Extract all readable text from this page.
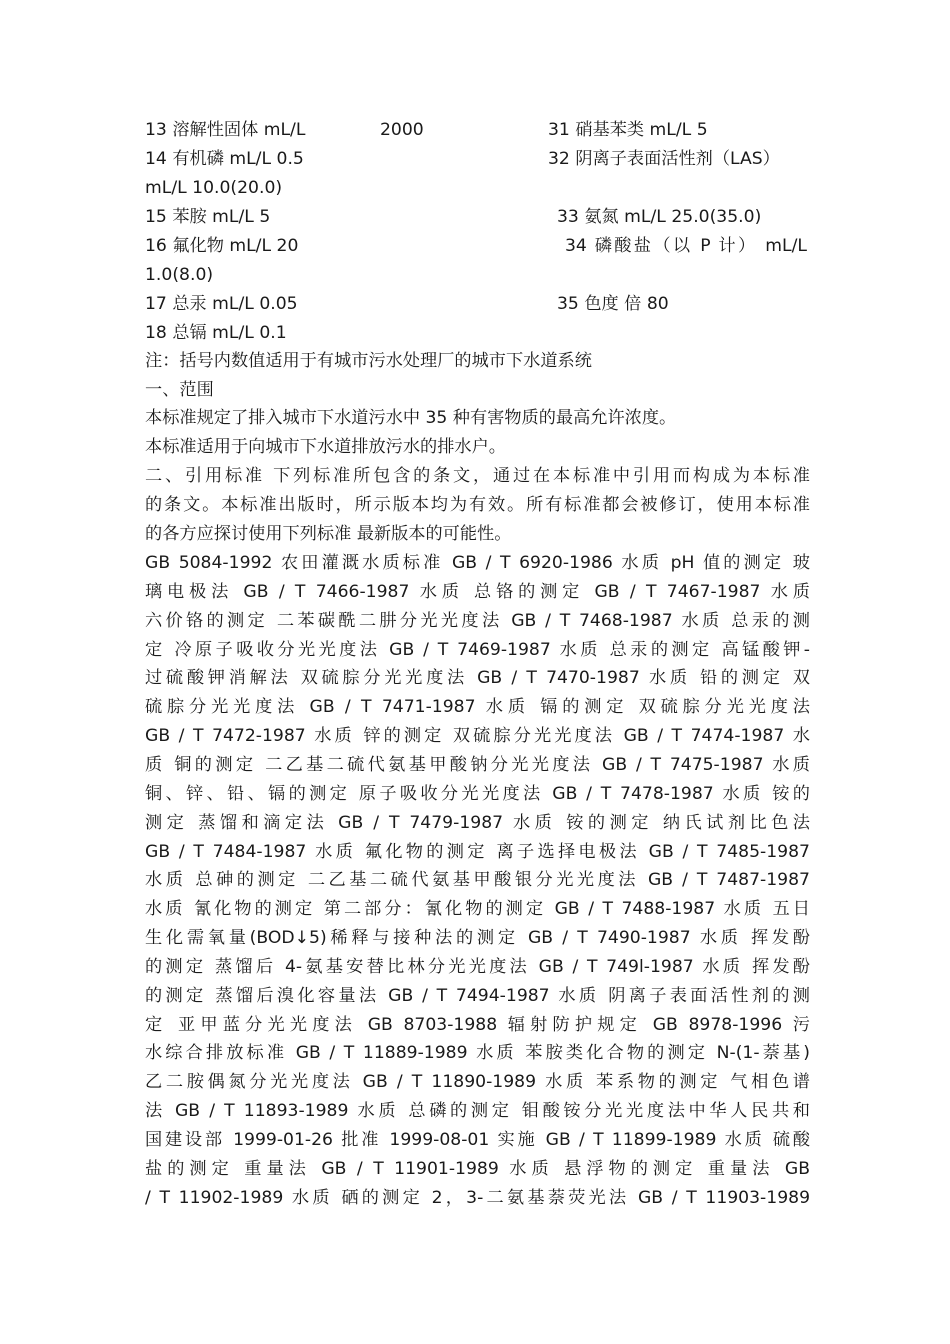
13 溶解性固体 mL/L	2000	31 硝基苯类 mL/L 5
14 有机磷 mL/L 0.5	32 阴离子表面活性剂（LAS）
mL/L 10.0(20.0)
15 苯胺 mL/L 5	33 氨氮 mL/L 25.0(35.0)
16 氟化物 mL/L 20	34 磷酸盐（以 P 计） mL/L
1.0(8.0)
17 总汞 mL/L 0.05	35 色度 倍 80
18 总镉 mL/L 0.1
注：括号内数值适用于有城市污水处理厂的城市下水道系统
一、范围
本标准规定了排入城市下水道污水中 35 种有害物质的最高允许浓度。
本标准适用于向城市下水道排放污水的排水户。
二、引用标准 下列标准所包含的条文，通过在本标准中引用而构成为本标准
的条文。本标准出版时，所示版本均为有效。所有标准都会被修订，使用本标准
的各方应探讨使用下列标准 最新版本的可能性。
GB 5084-1992 农田灌溉水质标准 GB / T 6920-1986 水质 pH 值的测定 玻
璃电极法 GB / T 7466-1987 水质 总铬的测定 GB / T 7467-1987 水质
六价铬的测定 二苯碳酰二肼分光光度法 GB / T 7468-1987 水质 总汞的测
定 冷原子吸收分光光度法 GB / T 7469-1987 水质 总汞的测定 高锰酸钾-
过硫酸钾消解法 双硫腙分光光度法 GB / T 7470-1987 水质 铅的测定 双
硫腙分光光度法 GB / T 7471-1987 水质 镉的测定 双硫腙分光光度法
GB / T 7472-1987 水质 锌的测定 双硫腙分光光度法 GB / T 7474-1987 水
质 铜的测定 二乙基二硫代氨基甲酸钠分光光度法 GB / T 7475-1987 水质
铜、锌、铅、镉的测定 原子吸收分光光度法 GB / T 7478-1987 水质 铵的
测定 蒸馏和滴定法 GB / T 7479-1987 水质 铵的测定 纳氏试剂比色法
GB / T 7484-1987 水质 氟化物的测定 离子选择电极法 GB / T 7485-1987
水质 总砷的测定 二乙基二硫代氨基甲酸银分光光度法 GB / T 7487-1987
水质 氰化物的测定 第二部分：氰化物的测定 GB / T 7488-1987 水质 五日
生化需氧量(BOD↓5)稀释与接种法的测定 GB / T 7490-1987 水质 挥发酚
的测定 蒸馏后 4-氨基安替比林分光光度法 GB / T 749l-1987 水质 挥发酚
的测定 蒸馏后溴化容量法 GB / T 7494-1987 水质 阴离子表面活性剂的测
定 亚甲蓝分光光度法 GB 8703-1988 辐射防护规定 GB 8978-1996 污
水综合排放标准 GB / T 11889-1989 水质 苯胺类化合物的测定 N-(1-萘基)
乙二胺偶氮分光光度法 GB / T 11890-1989 水质 苯系物的测定 气相色谱
法 GB / T 11893-1989 水质 总磷的测定 钼酸铵分光光度法中华人民共和
国建设部 1999-01-26 批准 1999-08-01 实施 GB / T 11899-1989 水质 硫酸
盐的测定 重量法 GB / T 11901-1989 水质 悬浮物的测定 重量法 GB
/ T 11902-1989 水质 硒的测定 2，3-二氨基萘荧光法 GB / T 11903-1989
